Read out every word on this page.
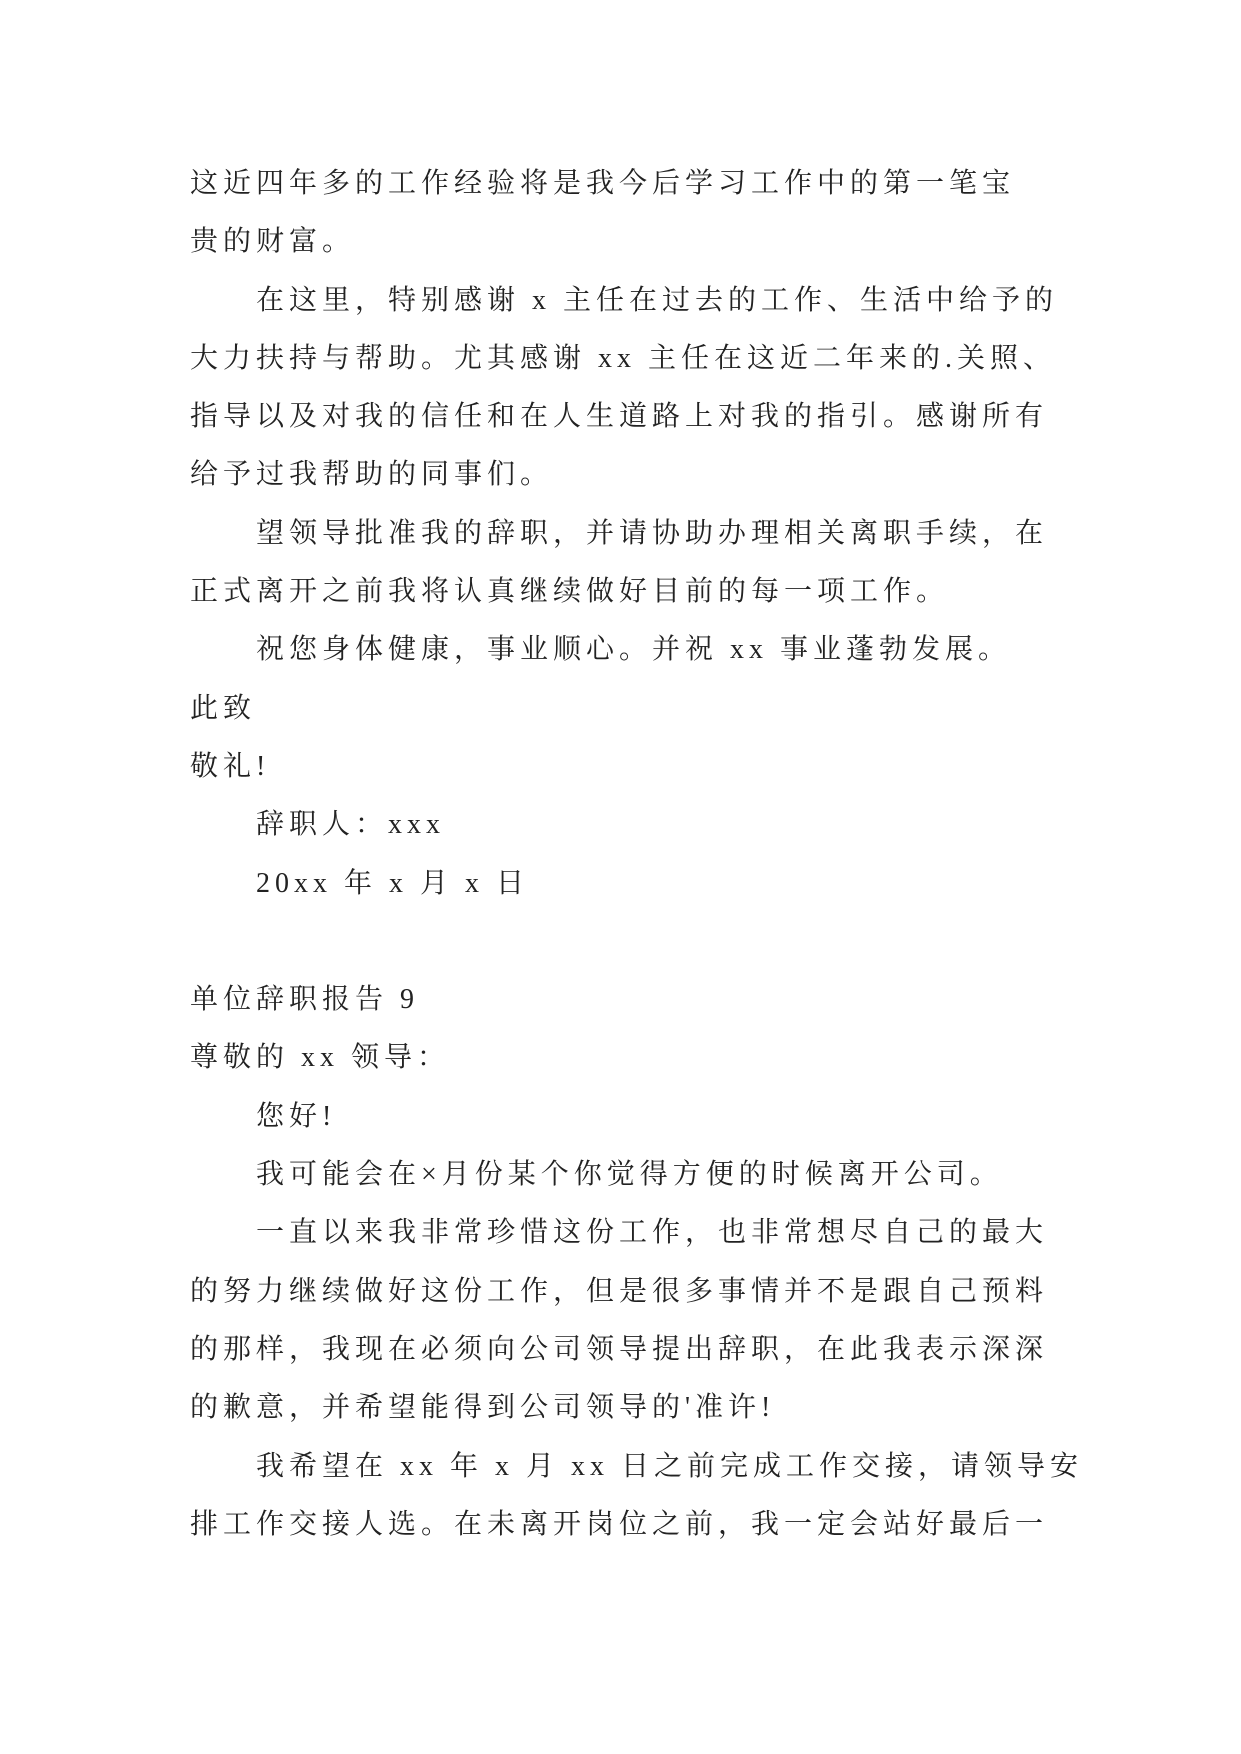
这近四年多的工作经验将是我今后学习工作中的第一笔宝
贵的财富。
在这里，特别感谢 x 主任在过去的工作、生活中给予的
大力扶持与帮助。尤其感谢 xx 主任在这近二年来的.关照、
指导以及对我的信任和在人生道路上对我的指引。感谢所有
给予过我帮助的同事们。
望领导批准我的辞职，并请协助办理相关离职手续，在
正式离开之前我将认真继续做好目前的每一项工作。
祝您身体健康，事业顺心。并祝 xx 事业蓬勃发展。
此致
敬礼!
辞职人：xxx
20xx 年 x 月 x 日
单位辞职报告 9
尊敬的 xx 领导：
您好!
我可能会在×月份某个你觉得方便的时候离开公司。
一直以来我非常珍惜这份工作，也非常想尽自己的最大
的努力继续做好这份工作，但是很多事情并不是跟自己预料
的那样，我现在必须向公司领导提出辞职，在此我表示深深
的歉意，并希望能得到公司领导的'准许!
我希望在 xx 年 x 月 xx 日之前完成工作交接，请领导安
排工作交接人选。在未离开岗位之前，我一定会站好最后一
